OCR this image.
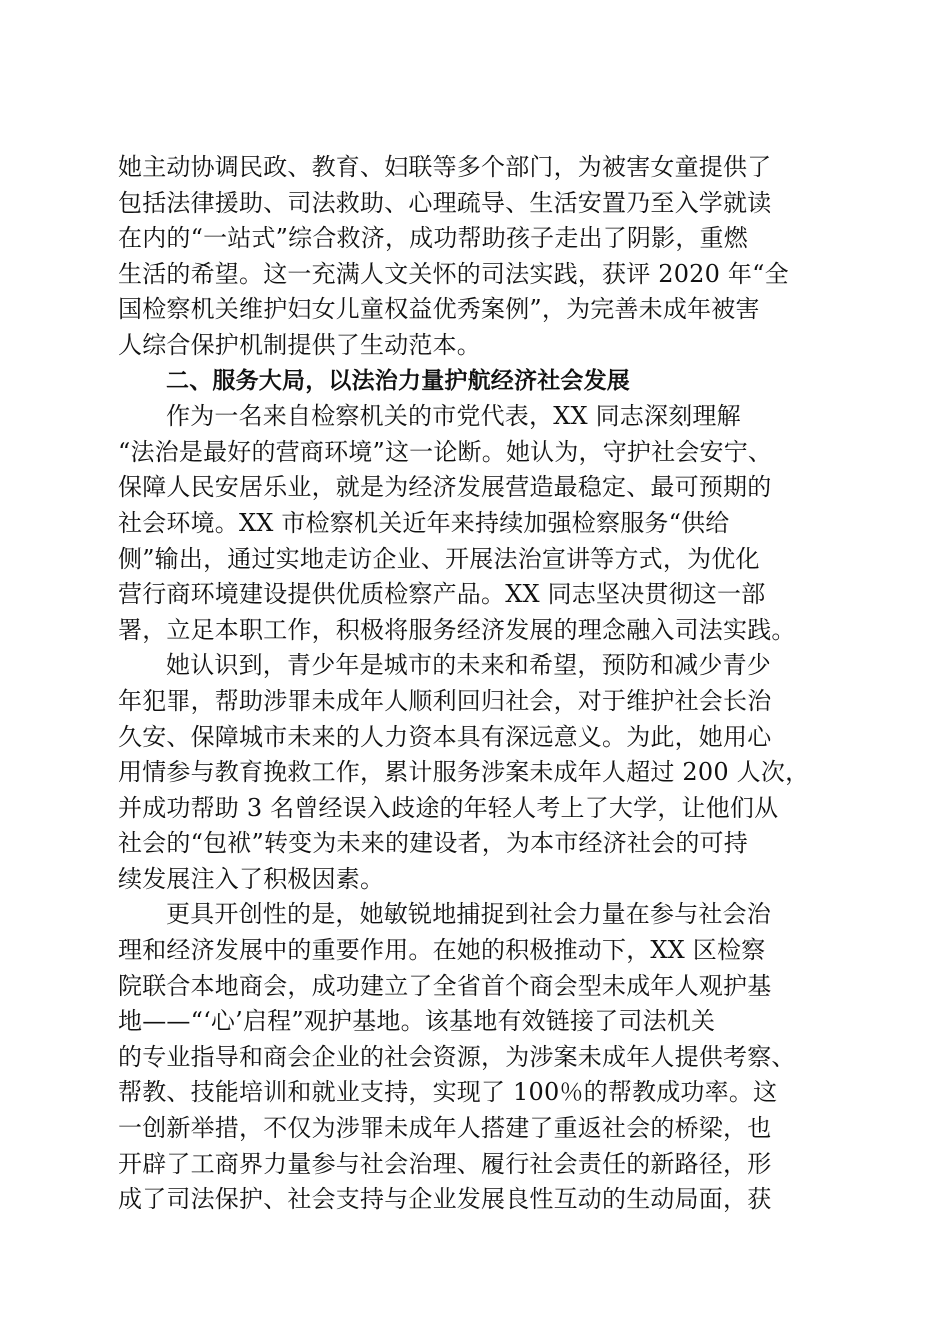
她主动协调民政、教育、妇联等多个部门，为被害女童提供了
包括法律援助、司法救助、心理疏导、生活安置乃至入学就读
在内的“一站式”综合救济，成功帮助孩子走出了阴影，重燃
生活的希望。这一充满人文关怀的司法实践，获评 2020 年“全
国检察机关维护妇女儿童权益优秀案例”，为完善未成年被害
人综合保护机制提供了生动范本。
二、服务大局，以法治力量护航经济社会发展
作为一名来自检察机关的市党代表，XX 同志深刻理解
“法治是最好的营商环境”这一论断。她认为，守护社会安宁、
保障人民安居乐业，就是为经济发展营造最稳定、最可预期的
社会环境。XX 市检察机关近年来持续加强检察服务“供给
侧”输出，通过实地走访企业、开展法治宣讲等方式，为优化
营行商环境建设提供优质检察产品。XX 同志坚决贯彻这一部
署，立足本职工作，积极将服务经济发展的理念融入司法实践。
她认识到，青少年是城市的未来和希望，预防和减少青少
年犯罪，帮助涉罪未成年人顺利回归社会，对于维护社会长治
久安、保障城市未来的人力资本具有深远意义。为此，她用心
用情参与教育挽救工作，累计服务涉案未成年人超过 200 人次，
并成功帮助 3 名曾经误入歧途的年轻人考上了大学，让他们从
社会的“包袱”转变为未来的建设者，为本市经济社会的可持
续发展注入了积极因素。
更具开创性的是，她敏锐地捕捉到社会力量在参与社会治
理和经济发展中的重要作用。在她的积极推动下，XX 区检察
院联合本地商会，成功建立了全省首个商会型未成年人观护基
地——“‘心’启程”观护基地。该基地有效链接了司法机关
的专业指导和商会企业的社会资源，为涉案未成年人提供考察、
帮教、技能培训和就业支持，实现了 100％的帮教成功率。这
一创新举措，不仅为涉罪未成年人搭建了重返社会的桥梁，也
开辟了工商界力量参与社会治理、履行社会责任的新路径，形
成了司法保护、社会支持与企业发展良性互动的生动局面，获
